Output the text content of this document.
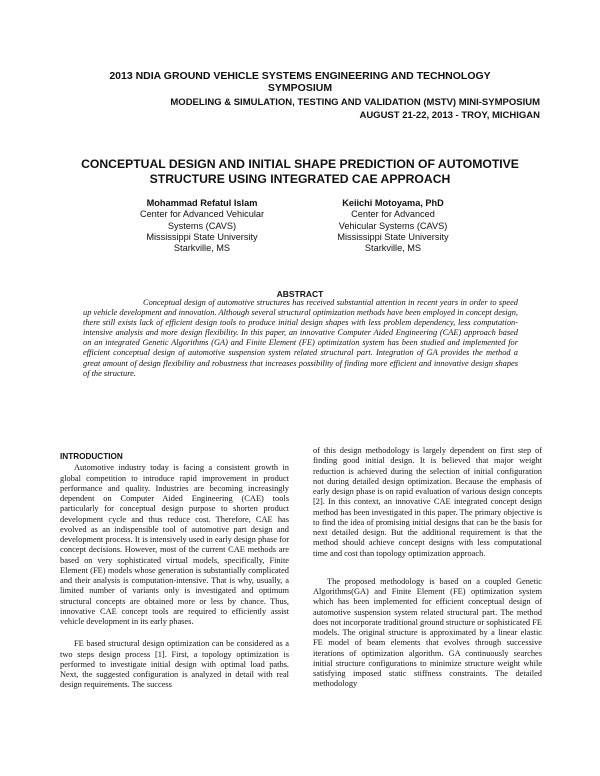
2013 NDIA GROUND VEHICLE SYSTEMS ENGINEERING AND TECHNOLOGY SYMPOSIUM
MODELING & SIMULATION, TESTING AND VALIDATION (MSTV) MINI-SYMPOSIUM
AUGUST 21-22, 2013 - TROY, MICHIGAN
CONCEPTUAL DESIGN AND INITIAL SHAPE PREDICTION OF AUTOMOTIVE STRUCTURE USING INTEGRATED CAE APPROACH
Mohammad Refatul Islam
Center for Advanced Vehicular
Systems (CAVS)
Mississippi State University
Starkville, MS
Keiichi Motoyama, PhD
Center for Advanced
Vehicular Systems (CAVS)
Mississippi State University
Starkville, MS
ABSTRACT
Conceptual design of automotive structures has received substantial attention in recent years in order to speed up vehicle development and innovation. Although several structural optimization methods have been employed in concept design, there still exists lack of efficient design tools to produce initial design shapes with less problem dependency, less computation-intensive analysis and more design flexibility. In this paper, an innovative Computer Aided Engineering (CAE) approach based on an integrated Genetic Algorithms (GA) and Finite Element (FE) optimization system has been studied and implemented for efficient conceptual design of automotive suspension system related structural part. Integration of GA provides the method a great amount of design flexibility and robustness that increases possibility of finding more efficient and innovative design shapes of the structure.
INTRODUCTION

Automotive industry today is facing a consistent growth in global competition to introduce rapid improvement in product performance and quality. Industries are becoming increasingly dependent on Computer Aided Engineering (CAE) tools particularly for conceptual design purpose to shorten product development cycle and thus reduce cost. Therefore, CAE has evolved as an indispensible tool of automotive part design and development process. It is intensively used in early design phase for concept decisions. However, most of the current CAE methods are based on very sophisticated virtual models, specifically, Finite Element (FE) models whose generation is substantially complicated and their analysis is computation-intensive. That is why, usually, a limited number of variants only is investigated and optimum structural concepts are obtained more or less by chance. Thus, innovative CAE concept tools are required to efficiently assist vehicle development in its early phases.

FE based structural design optimization can be considered as a two steps design process [1]. First, a topology optimization is performed to investigate initial design with optimal load paths. Next, the suggested configuration is analyzed in detail with real design requirements. The success

of this design methodology is largely dependent on first step of finding good initial design. It is believed that major weight reduction is achieved during the selection of initial configuration not during detailed design optimization. Because the emphasis of early design phase is on rapid evaluation of various design concepts [2]. In this context, an innovative CAE integrated concept design method has been investigated in this paper. The primary objective is to find the idea of promising initial designs that can be the basis for next detailed design. But the additional requirement is that the method should achieve concept designs with less computational time and cost than topology optimization approach.

The proposed methodology is based on a coupled Genetic Algorithms(GA) and Finite Element (FE) optimization system which has been implemented for efficient conceptual design of automotive suspension system related structural part. The method does not incorporate traditional ground structure or sophisticated FE models. The original structure is approximated by a linear elastic FE model of beam elements that evolves through successive iterations of optimization algorithm. GA continuously searches initial structure configurations to minimize structure weight while satisfying imposed static stiffness constraints. The detailed methodology
